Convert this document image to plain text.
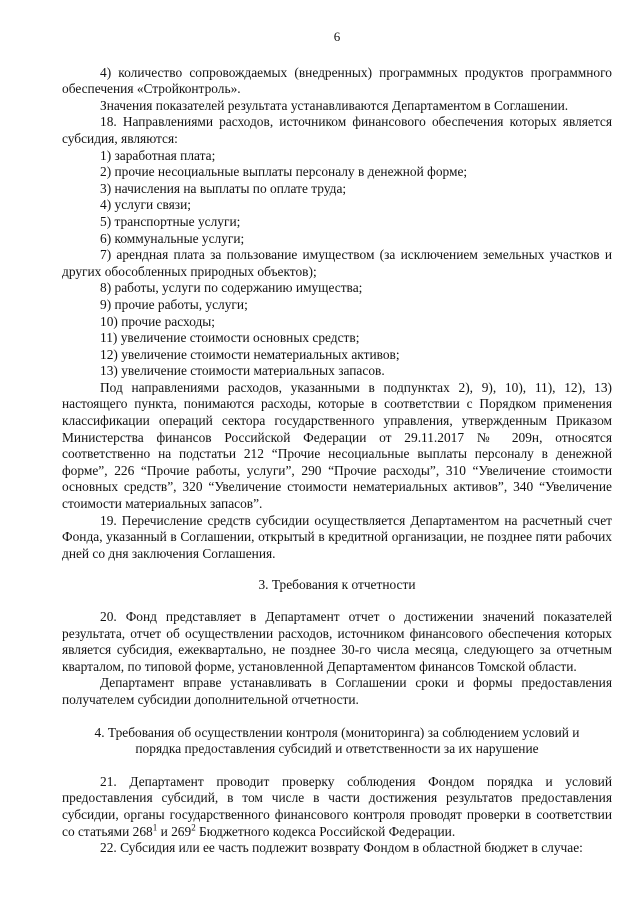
6

4) количество сопровождаемых (внедренных) программных продуктов программного обеспечения «Стройконтроль».

Значения показателей результата устанавливаются Департаментом в Соглашении.

18. Направлениями расходов, источником финансового обеспечения которых является субсидия, являются:

1) заработная плата;

2) прочие несоциальные выплаты персоналу в денежной форме;

3) начисления на выплаты по оплате труда;

4) услуги связи;

5) транспортные услуги;

6) коммунальные услуги;

7) арендная плата за пользование имуществом (за исключением земельных участков и других обособленных природных объектов);

8) работы, услуги по содержанию имущества;

9) прочие работы, услуги;

10) прочие расходы;

11) увеличение стоимости основных средств;

12) увеличение стоимости нематериальных активов;

13) увеличение стоимости материальных запасов.

Под направлениями расходов, указанными в подпунктах 2), 9), 10), 11), 12), 13) настоящего пункта, понимаются расходы, которые в соответствии с Порядком применения классификации операций сектора государственного управления, утвержденным Приказом Министерства финансов Российской Федерации от 29.11.2017 № 209н, относятся соответственно на подстатьи 212 “Прочие несоциальные выплаты персоналу в денежной форме”, 226 “Прочие работы, услуги”, 290 “Прочие расходы”, 310 “Увеличение стоимости основных средств”, 320 “Увеличение стоимости нематериальных активов”, 340 “Увеличение стоимости материальных запасов”.

19. Перечисление средств субсидии осуществляется Департаментом на расчетный счет Фонда, указанный в Соглашении, открытый в кредитной организации, не позднее пяти рабочих дней со дня заключения Соглашения.

3. Требования к отчетности

20. Фонд представляет в Департамент отчет о достижении значений показателей результата, отчет об осуществлении расходов, источником финансового обеспечения которых является субсидия, ежеквартально, не позднее 30-го числа месяца, следующего за отчетным кварталом, по типовой форме, установленной Департаментом финансов Томской области.

Департамент вправе устанавливать в Соглашении сроки и формы предоставления получателем субсидии дополнительной отчетности.

4. Требования об осуществлении контроля (мониторинга) за соблюдением условий и
порядка предоставления субсидий и ответственности за их нарушение

21. Департамент проводит проверку соблюдения Фондом порядка и условий предоставления субсидий, в том числе в части достижения результатов предоставления субсидии, органы государственного финансового контроля проводят проверки в соответствии со статьями $268^1$ и $269^2$ Бюджетного кодекса Российской Федерации.

22. Субсидия или ее часть подлежит возврату Фондом в областной бюджет в случае:
